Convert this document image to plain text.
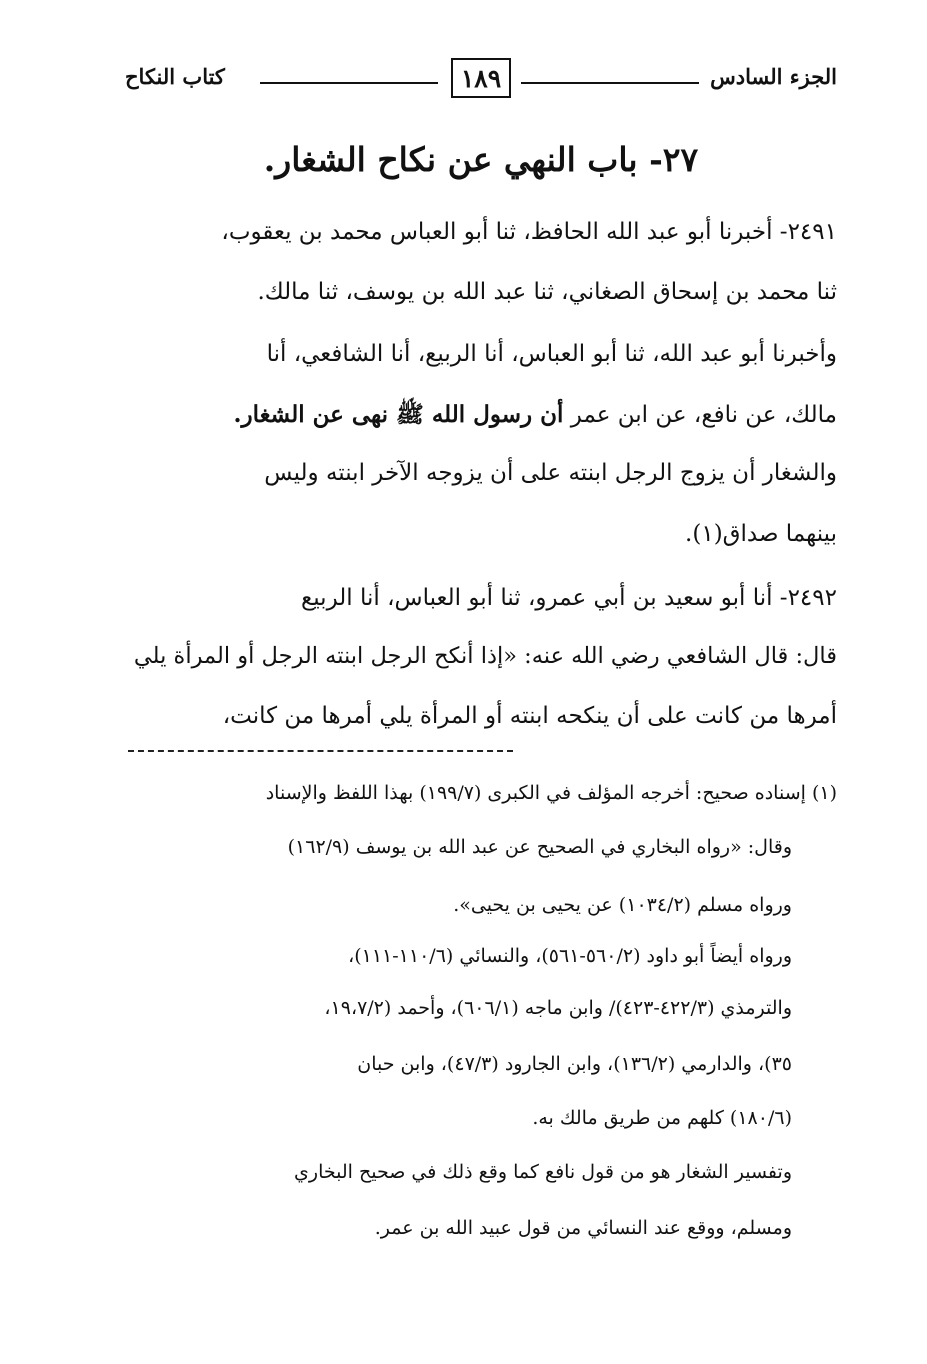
الجزء السادس
١٨٩
كتاب النكاح
٢٧- باب النهي عن نكاح الشغار.
٢٤٩١- أخبرنا أبو عبد الله الحافظ، ثنا أبو العباس محمد بن يعقوب،
ثنا محمد بن إسحاق الصغاني، ثنا عبد الله بن يوسف، ثنا مالك.
وأخبرنا أبو عبد الله، ثنا أبو العباس، أنا الربيع، أنا الشافعي، أنا
مالك، عن نافع، عن ابن عمر أن رسول الله ﷺ نهى عن الشغار.
والشغار أن يزوج الرجل ابنته على أن يزوجه الآخر ابنته وليس
بينهما صداق(١).
٢٤٩٢- أنا أبو سعيد بن أبي عمرو، ثنا أبو العباس، أنا الربيع
قال: قال الشافعي رضي الله عنه: «إذا أنكح الرجل ابنته الرجل أو المرأة يلي
أمرها من كانت على أن ينكحه ابنته أو المرأة يلي أمرها من كانت،
(١) إسناده صحيح: أخرجه المؤلف في الكبرى (١٩٩/٧) بهذا اللفظ والإسناد
وقال: «رواه البخاري في الصحيح عن عبد الله بن يوسف (١٦٢/٩)
ورواه مسلم (١٠٣٤/٢) عن يحيى بن يحيى».
ورواه أيضاً أبو داود (٥٦٠/٢-٥٦١)، والنسائي (١١٠/٦-١١١)،
والترمذي (٤٢٢/٣-٤٢٣)/ وابن ماجه (٦٠٦/١)، وأحمد (١٩،٧/٢،
٣٥)، والدارمي (١٣٦/٢)، وابن الجارود (٤٧/٣)، وابن حبان
(١٨٠/٦) كلهم من طريق مالك به.
وتفسير الشغار هو من قول نافع كما وقع ذلك في صحيح البخاري
ومسلم، ووقع عند النسائي من قول عبيد الله بن عمر.
